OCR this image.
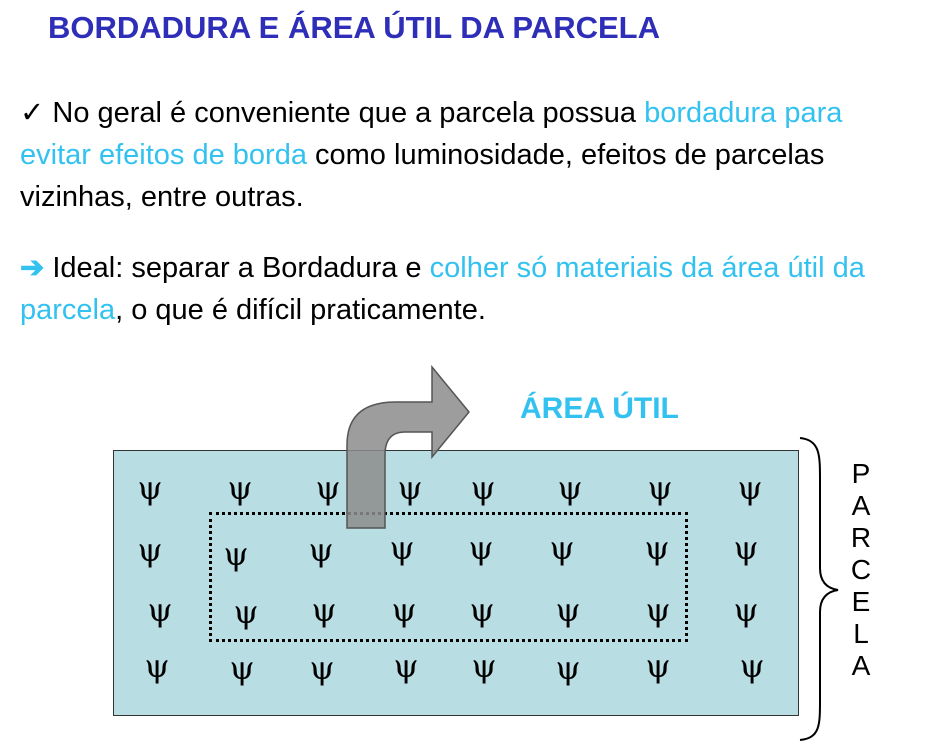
BORDADURA E ÁREA ÚTIL DA PARCELA
✓ No geral é conveniente que a parcela possua bordadura para evitar efeitos de borda como luminosidade, efeitos de parcelas vizinhas, entre outras.
➔ Ideal: separar a Bordadura e colher só materiais da área útil da parcela, o que é difícil praticamente.
ÁREA ÚTIL
ψ ψ ψ ψ ψ ψ ψ ψ
ψ ψ ψ ψ ψ ψ ψ ψ
ψ ψ ψ ψ ψ ψ ψ ψ
ψ ψ ψ ψ ψ ψ ψ ψ
P
A
R
C
E
L
A
